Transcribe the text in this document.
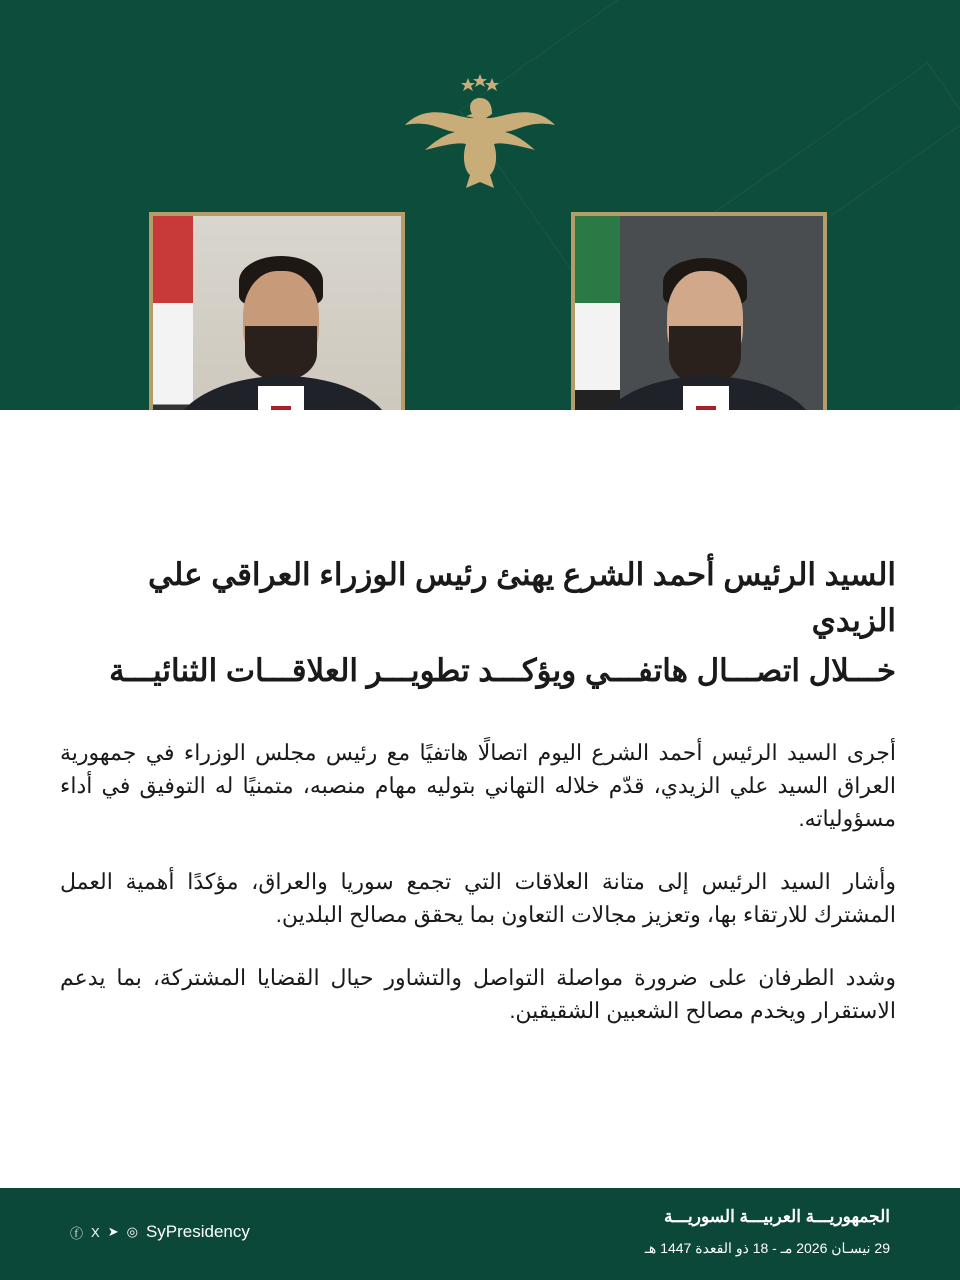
السيد الرئيس أحمد الشرع يهنئ رئيس الوزراء العراقي علي الزيدي
خـــلال اتصـــال هاتفـــي ويؤكـــد تطويـــر العلاقـــات الثنائيـــة

أجرى السيد الرئيس أحمد الشرع اليوم اتصالًا هاتفيًا مع رئيس مجلس الوزراء في جمهورية العراق السيد علي الزيدي، قدّم خلاله التهاني بتوليه مهام منصبه، متمنيًا له التوفيق في أداء مسؤولياته.

وأشار السيد الرئيس إلى متانة العلاقات التي تجمع سوريا والعراق، مؤكدًا أهمية العمل المشترك للارتقاء بها، وتعزيز مجالات التعاون بما يحقق مصالح البلدين.

وشدد الطرفان على ضرورة مواصلة التواصل والتشاور حيال القضايا المشتركة، بما يدعم الاستقرار ويخدم مصالح الشعبين الشقيقين.

الجمهوريـــة العربيـــة السوريـــة
29 نيسـان 2026 مـ - 18 ذو القعدة 1447 هـ
ⓕ X ➤ ◎ SyPresidency
